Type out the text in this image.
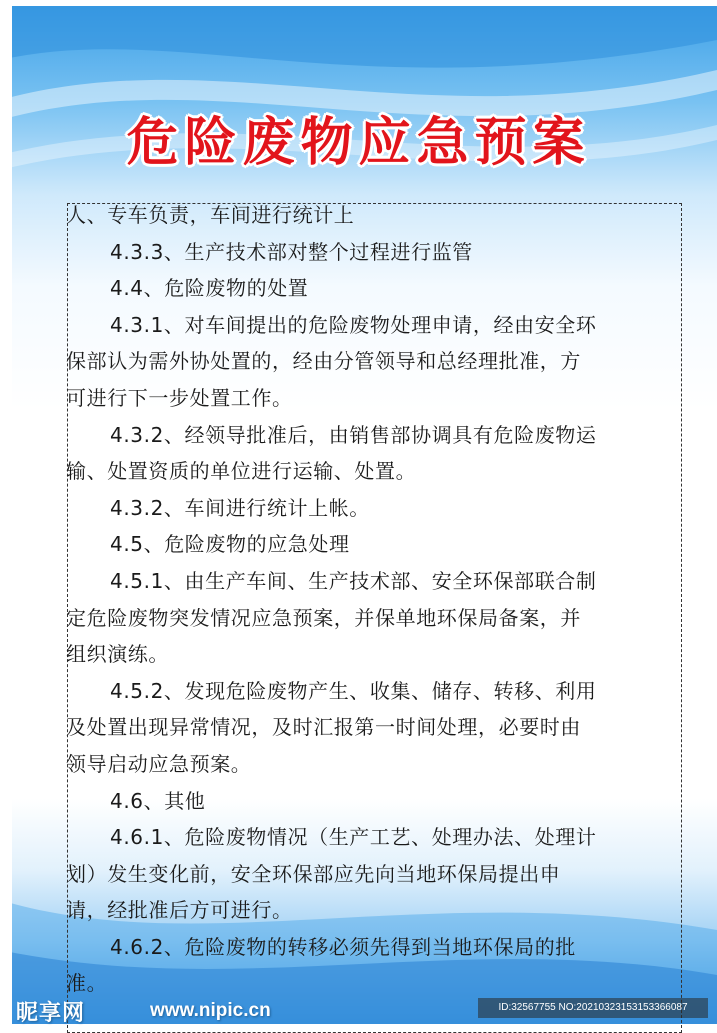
危险废物应急预案
人、专车负责，车间进行统计上
4.3.3、生产技术部对整个过程进行监管
4.4、危险废物的处置
4.3.1、对车间提出的危险废物处理申请，经由安全环
保部认为需外协处置的，经由分管领导和总经理批准，方
可进行下一步处置工作。
4.3.2、经领导批准后，由销售部协调具有危险废物运
输、处置资质的单位进行运输、处置。
4.3.2、车间进行统计上帐。
4.5、危险废物的应急处理
4.5.1、由生产车间、生产技术部、安全环保部联合制
定危险废物突发情况应急预案，并保单地环保局备案，并
组织演练。
4.5.2、发现危险废物产生、收集、储存、转移、利用
及处置出现异常情况，及时汇报第一时间处理，必要时由
领导启动应急预案。
4.6、其他
4.6.1、危险废物情况（生产工艺、处理办法、处理计
划）发生变化前，安全环保部应先向当地环保局提出申
请，经批准后方可进行。
4.6.2、危险废物的转移必须先得到当地环保局的批
准。
昵享网	www.nipic.cn	ID:32567755 NO:20210323153153366087
